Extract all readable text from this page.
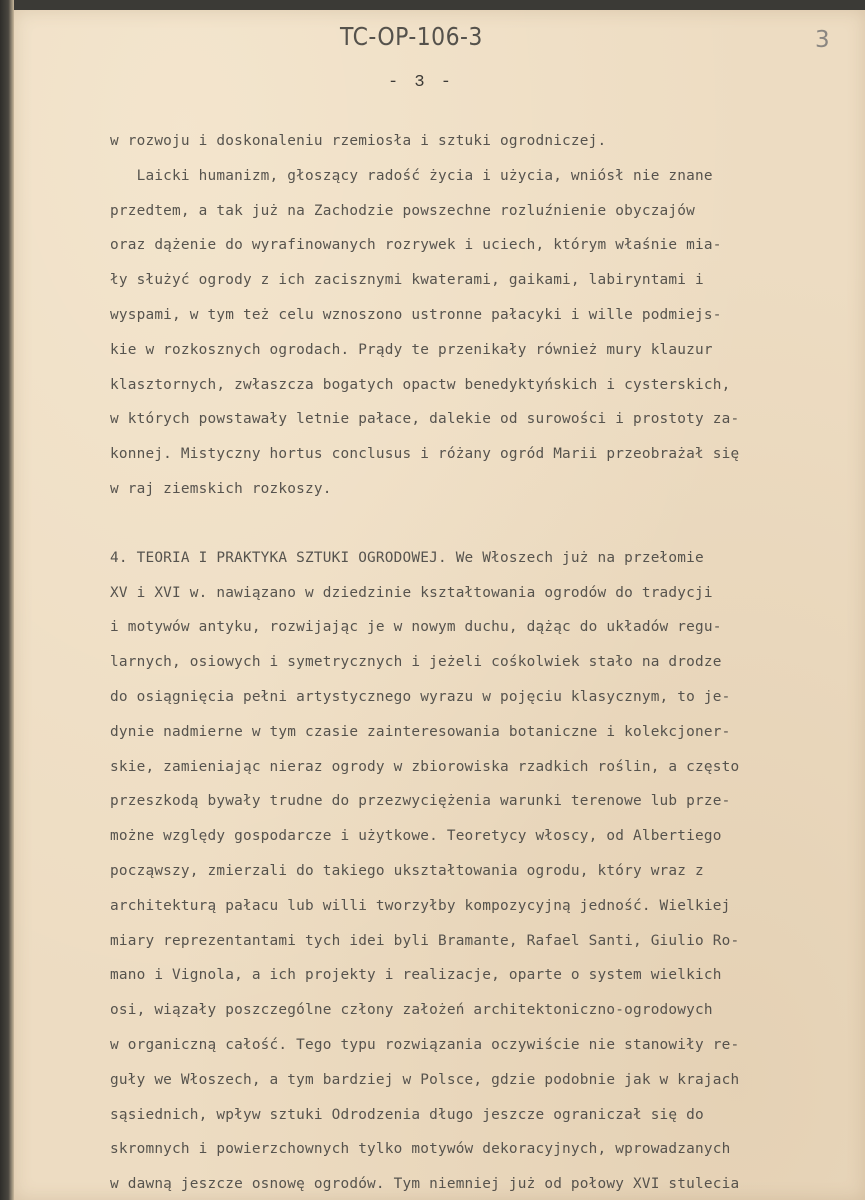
TC-OP-106-3	3
- 3 -
w rozwoju i doskonaleniu rzemiosła i sztuki ogrodniczej.
Laicki humanizm, głoszący radość życia i użycia, wniósł nie znane
przedtem, a tak już na Zachodzie powszechne rozluźnienie obyczajów
oraz dążenie do wyrafinowanych rozrywek i uciech, którym właśnie mia-
ły służyć ogrody z ich zacisznymi kwaterami, gaikami, labiryntami i
wyspami, w tym też celu wznoszono ustronne pałacyki i wille podmiejs-
kie w rozkosznych ogrodach. Prądy te przenikały również mury klauzur
klasztornych, zwłaszcza bogatych opactw benedyktyńskich i cysterskich,
w których powstawały letnie pałace, dalekie od surowości i prostoty za-
konnej. Mistyczny hortus conclusus i różany ogród Marii przeobrażał się
w raj ziemskich rozkoszy.
4. TEORIA I PRAKTYKA SZTUKI OGRODOWEJ. We Włoszech już na przełomie
XV i XVI w. nawiązano w dziedzinie kształtowania ogrodów do tradycji
i motywów antyku, rozwijając je w nowym duchu, dążąc do układów regu-
larnych, osiowych i symetrycznych i jeżeli cośkolwiek stało na drodze
do osiągnięcia pełni artystycznego wyrazu w pojęciu klasycznym, to je-
dynie nadmierne w tym czasie zainteresowania botaniczne i kolekcjoner-
skie, zamieniając nieraz ogrody w zbiorowiska rzadkich roślin, a często
przeszkodą bywały trudne do przezwyciężenia warunki terenowe lub prze-
możne względy gospodarcze i użytkowe. Teoretycy włoscy, od Albertiego
począwszy, zmierzali do takiego ukształtowania ogrodu, który wraz z
architekturą pałacu lub willi tworzyłby kompozycyjną jedność. Wielkiej
miary reprezentantami tych idei byli Bramante, Rafael Santi, Giulio Ro-
mano i Vignola, a ich projekty i realizacje, oparte o system wielkich
osi, wiązały poszczególne człony założeń architektoniczno-ogrodowych
w organiczną całość. Tego typu rozwiązania oczywiście nie stanowiły re-
guły we Włoszech, a tym bardziej w Polsce, gdzie podobnie jak w krajach
sąsiednich, wpływ sztuki Odrodzenia długo jeszcze ograniczał się do
skromnych i powierzchownych tylko motywów dekoracyjnych, wprowadzanych
w dawną jeszcze osnowę ogrodów. Tym niemniej już od połowy XVI stulecia
